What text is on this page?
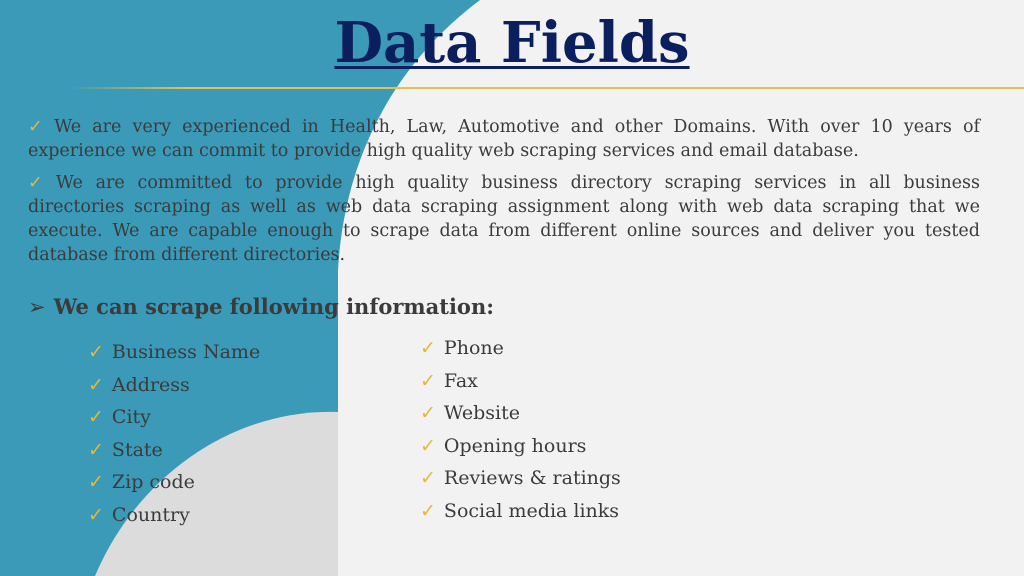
Data Fields

✓ We are very experienced in Health, Law, Automotive and other Domains. With over 10 years of experience we can commit to provide high quality web scraping services and email database.

✓ We are committed to provide high quality business directory scraping services in all business directories scraping as well as web data scraping assignment along with web data scraping that we execute. We are capable enough to scrape data from different online sources and deliver you tested database from different directories.

➢ We can scrape following information:
✓ Business Name
✓ Address
✓ City
✓ State
✓ Zip code
✓ Country
✓ Phone
✓ Fax
✓ Website
✓ Opening hours
✓ Reviews & ratings
✓ Social media links
